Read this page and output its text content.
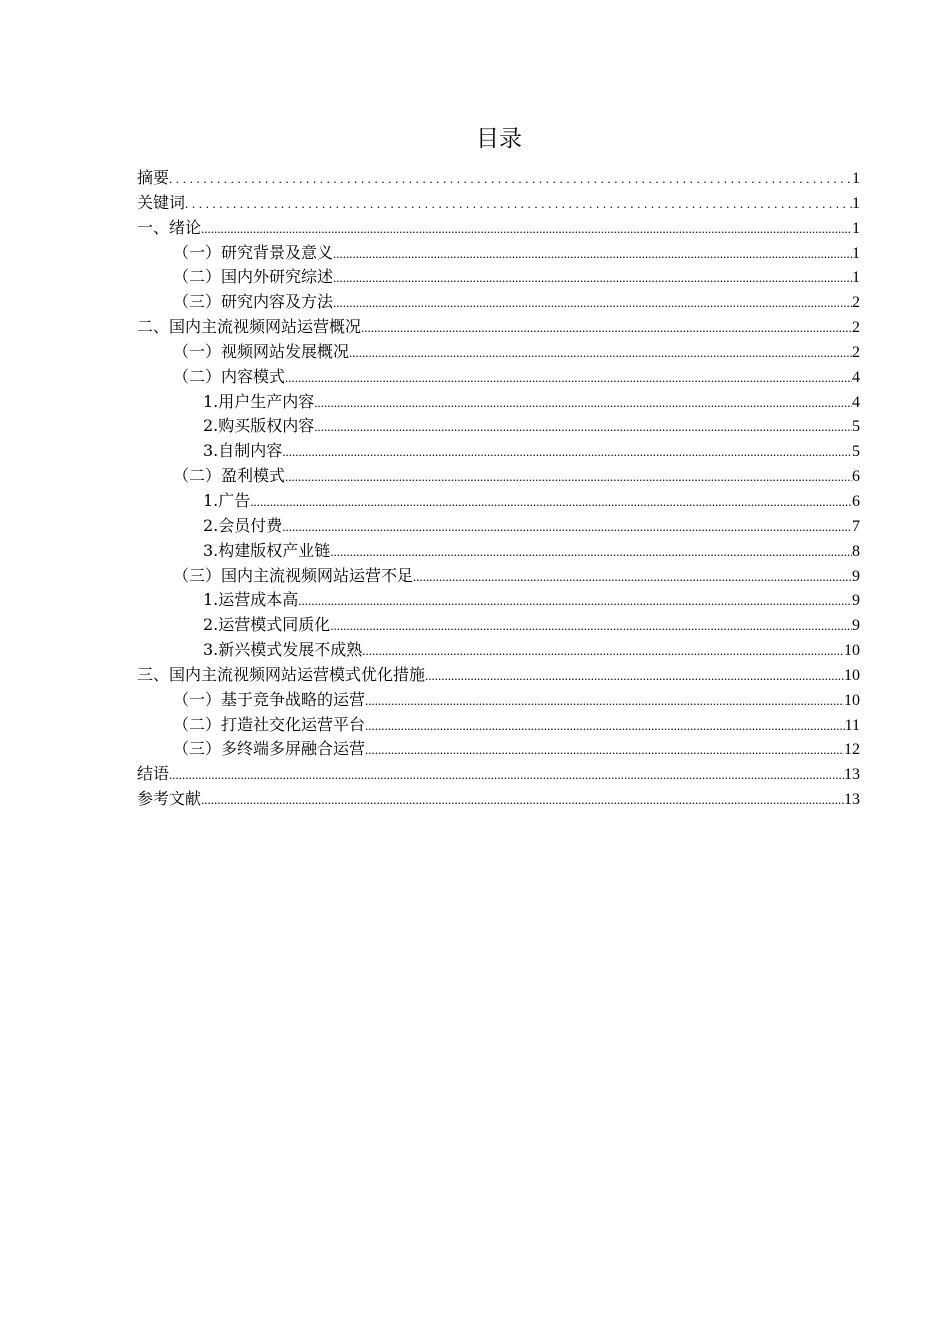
目录
摘要 .....	1
关键词 .....	1
一、绪论 .....	1
（一）研究背景及意义 .....	1
（二）国内外研究综述 .....	1
（三）研究内容及方法 .....	2
二、国内主流视频网站运营概况 .....	2
（一）视频网站发展概况 .....	2
（二）内容模式 .....	4
1.用户生产内容 .....	4
2.购买版权内容 .....	5
3.自制内容 .....	5
（二）盈利模式 .....	6
1.广告 .....	6
2.会员付费 .....	7
3.构建版权产业链 .....	8
（三）国内主流视频网站运营不足 .....	9
1.运营成本高 .....	9
2.运营模式同质化 .....	9
3.新兴模式发展不成熟 .....	10
三、国内主流视频网站运营模式优化措施 .....	10
（一）基于竞争战略的运营 .....	10
（二）打造社交化运营平台 .....	11
（三）多终端多屏融合运营 .....	12
结语 .....	13
参考文献 .....	13
